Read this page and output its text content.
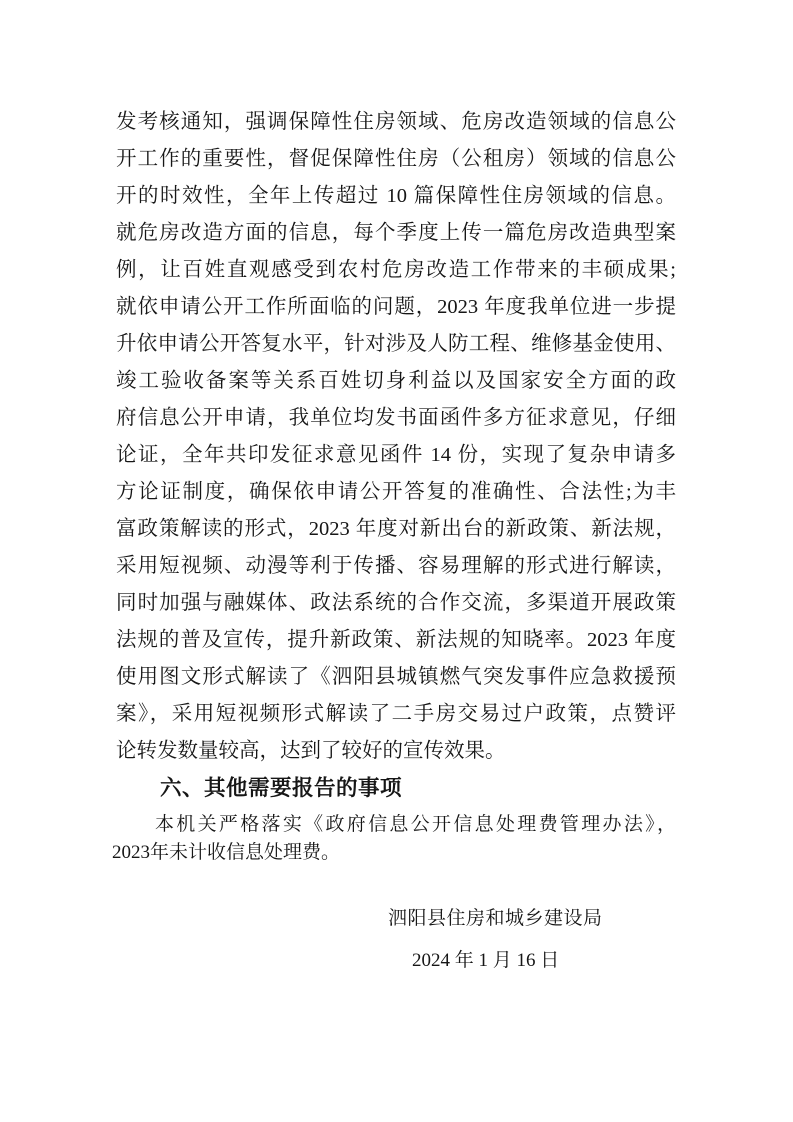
发考核通知，强调保障性住房领域、危房改造领域的信息公
开工作的重要性，督促保障性住房（公租房）领域的信息公
开的时效性，全年上传超过 10 篇保障性住房领域的信息。
就危房改造方面的信息，每个季度上传一篇危房改造典型案
例，让百姓直观感受到农村危房改造工作带来的丰硕成果;
就依申请公开工作所面临的问题，2023 年度我单位进一步提
升依申请公开答复水平，针对涉及人防工程、维修基金使用、
竣工验收备案等关系百姓切身利益以及国家安全方面的政
府信息公开申请，我单位均发书面函件多方征求意见，仔细
论证，全年共印发征求意见函件 14 份，实现了复杂申请多
方论证制度，确保依申请公开答复的准确性、合法性;为丰
富政策解读的形式，2023 年度对新出台的新政策、新法规，
采用短视频、动漫等利于传播、容易理解的形式进行解读，
同时加强与融媒体、政法系统的合作交流，多渠道开展政策
法规的普及宣传，提升新政策、新法规的知晓率。2023 年度
使用图文形式解读了《泗阳县城镇燃气突发事件应急救援预
案》，采用短视频形式解读了二手房交易过户政策，点赞评
论转发数量较高，达到了较好的宣传效果。
六、其他需要报告的事项
本机关严格落实《政府信息公开信息处理费管理办法》，
2023年未计收信息处理费。
泗阳县住房和城乡建设局
2024 年 1 月 16 日
